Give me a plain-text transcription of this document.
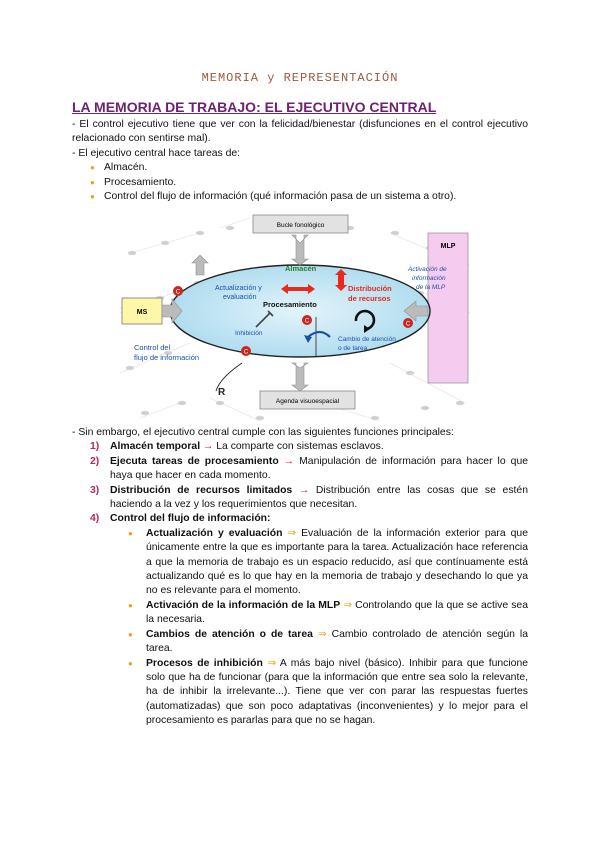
MEMORIA y REPRESENTACIÓN
LA MEMORIA DE TRABAJO: EL EJECUTIVO CENTRAL

- El control ejecutivo tiene que ver con la felicidad/bienestar (disfunciones en el control ejecutivo relacionado con sentirse mal).

- El ejecutivo central hace tareas de:

● Almacén.
● Procesamiento.
● Control del flujo de información (qué información pasa de un sistema a otro).
Bucle fonológico
Agenda visuoespacial
MLP
MS
Almacén
Actualización y
evaluación
Procesamiento
Distribución
de recursos
Inhibición
Cambio de atención
o de tarea
Activación de
información
de la MLP
Control del
flujo de información
R
C
C	C
C

- Sin embargo, el ejecutivo central cumple con las siguientes funciones principales:

1) Almacén temporal → La comparte con sistemas esclavos.
2) Ejecuta tareas de procesamiento → Manipulación de información para hacer lo que haya que hacer en cada momento.
3) Distribución de recursos limitados → Distribución entre las cosas que se estén haciendo a la vez y los requerimientos que necesitan.
4) Control del flujo de información:
● Actualización y evaluación ⇒ Evaluación de la información exterior para que únicamente entre la que es importante para la tarea. Actualización hace referencia a que la memoria de trabajo es un espacio reducido, así que contínuamente está actualizando qué es lo que hay en la memoria de trabajo y desechando lo que ya no es relevante para el momento.
● Activación de la información de la MLP ⇒ Controlando que la que se active sea la necesaria.
● Cambios de atención o de tarea ⇒ Cambio controlado de atención según la tarea.
● Procesos de inhibición ⇒ A más bajo nivel (básico). Inhibir para que funcione solo que ha de funcionar (para que la información que entre sea solo la relevante, ha de inhibir la irrelevante...). Tiene que ver con parar las respuestas fuertes (automatizadas) que son poco adaptativas (inconvenientes) y lo mejor para el procesamiento es pararlas para que no se hagan.
